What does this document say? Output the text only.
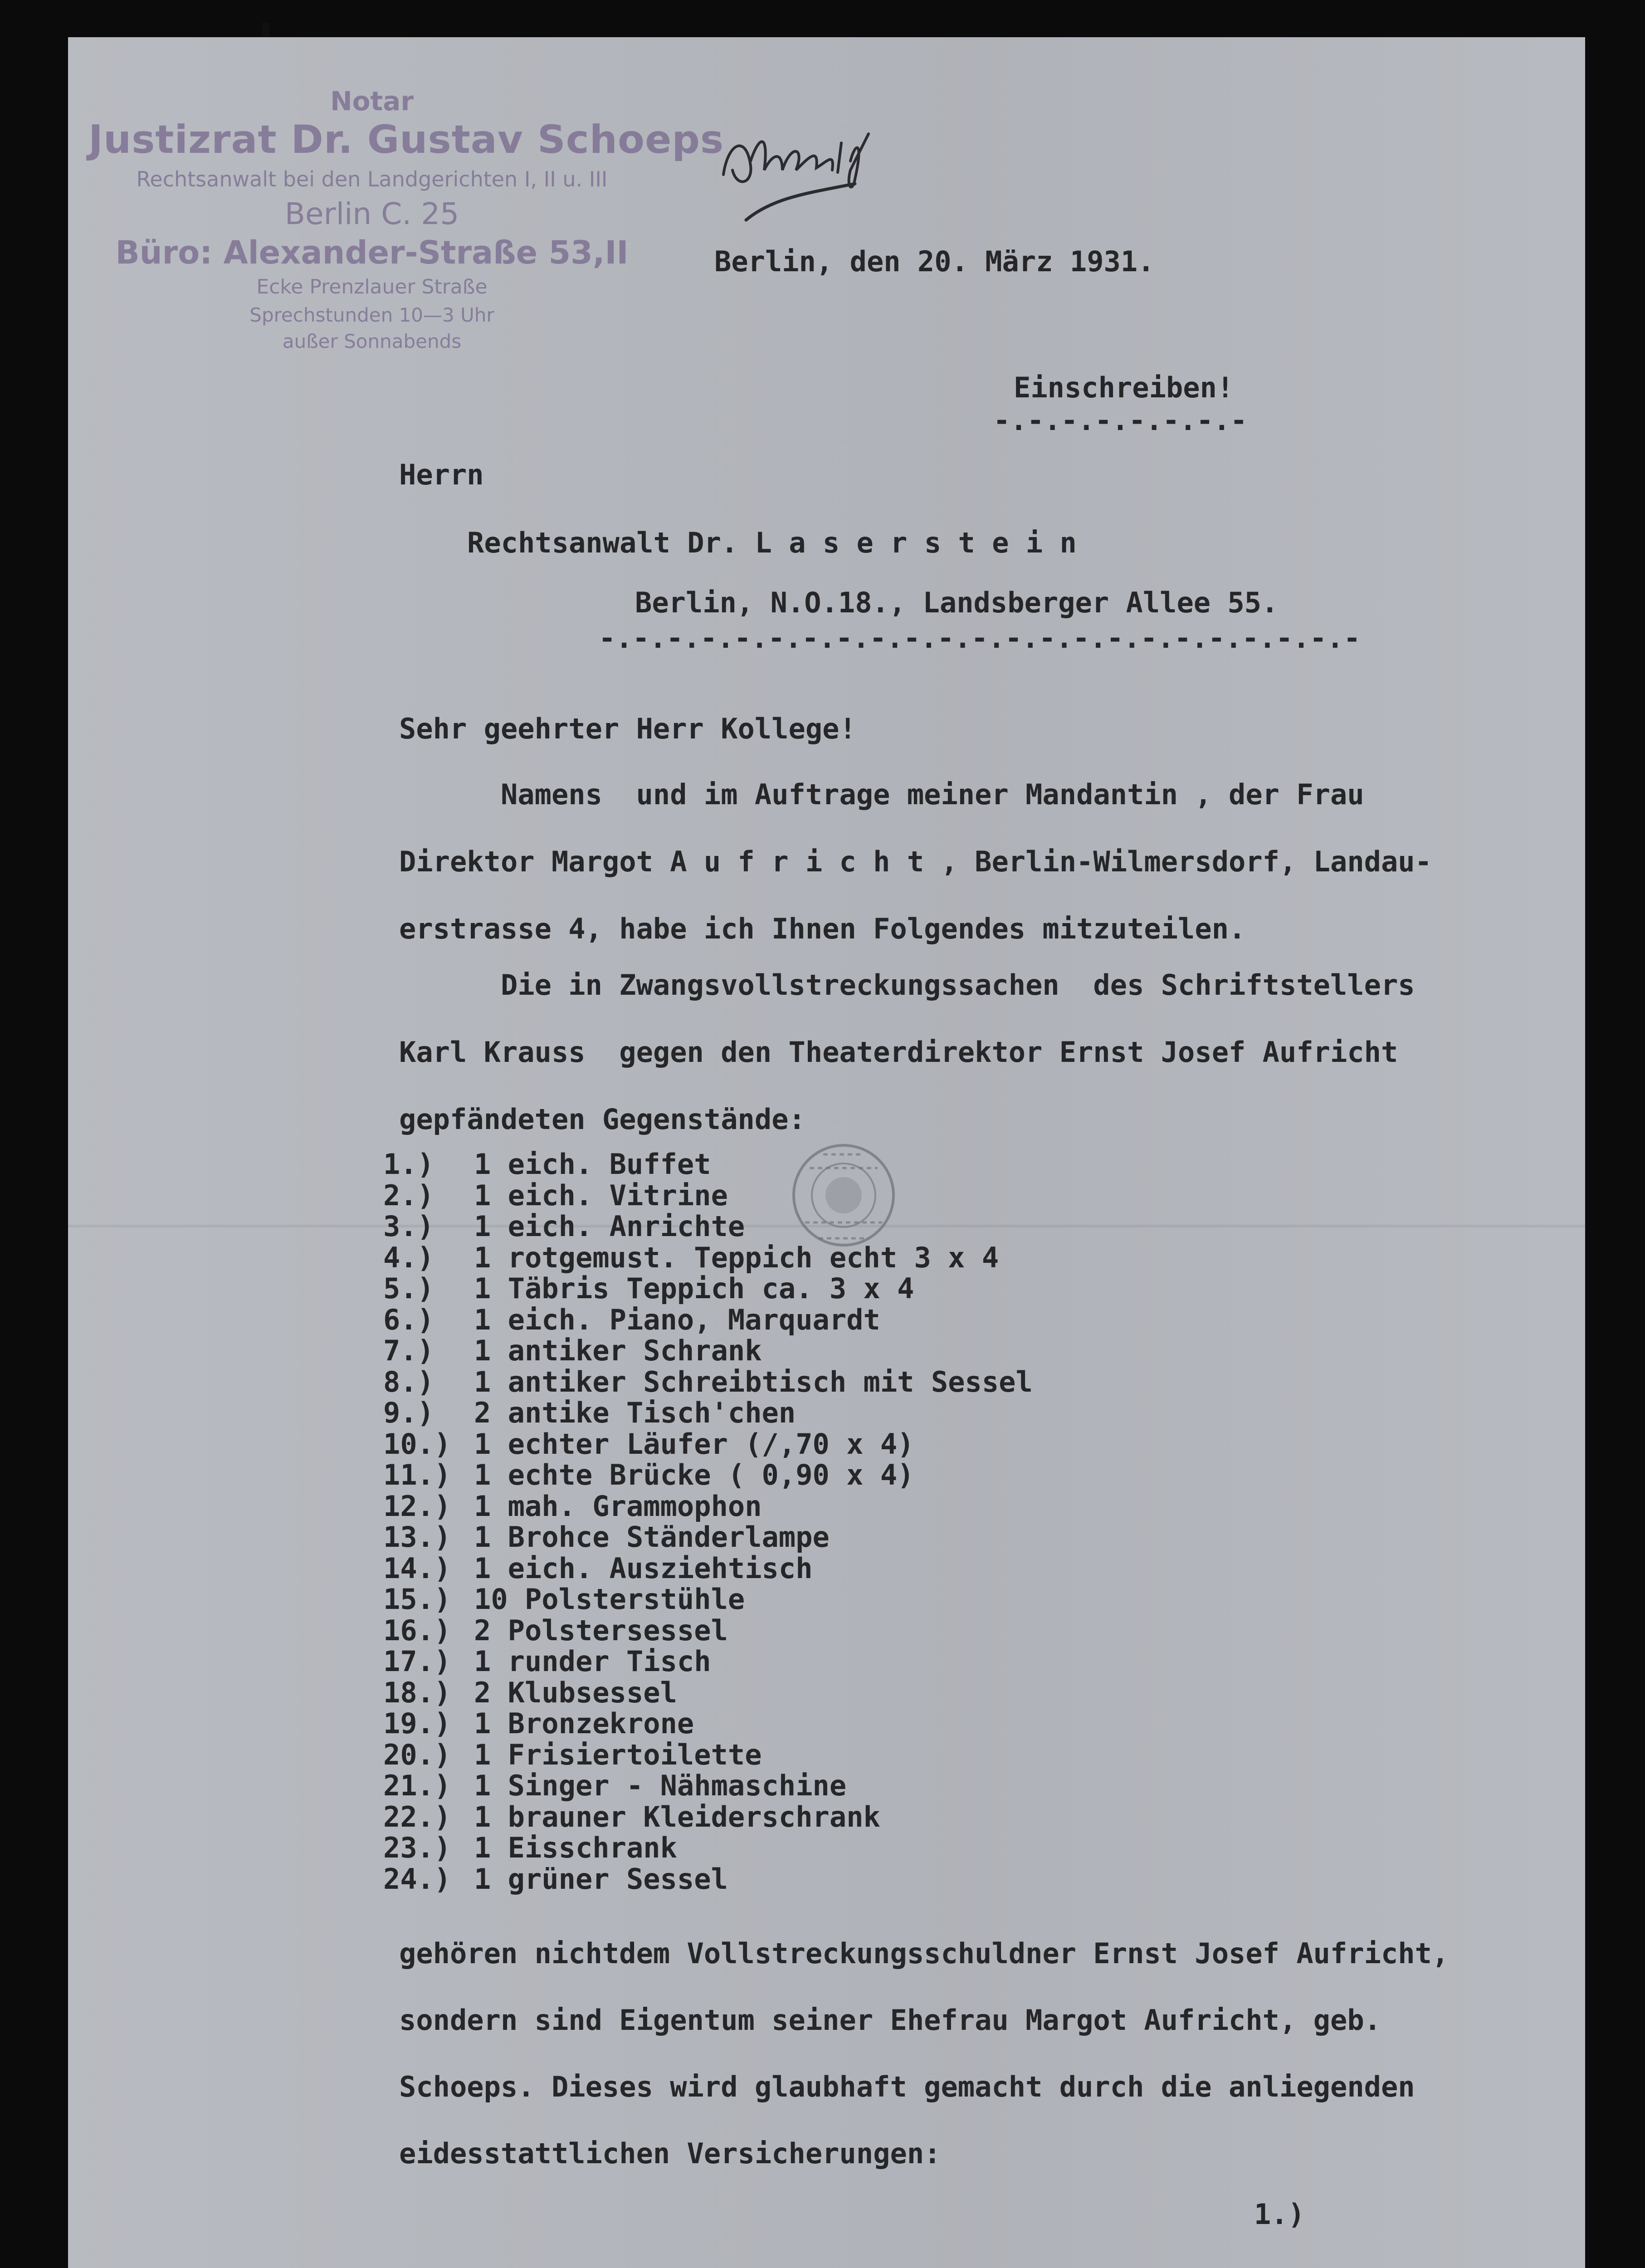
Notar
Justizrat Dr. Gustav Schoeps
Rechtsanwalt bei den Landgerichten I, II u. III
Berlin C. 25
Büro: Alexander-Straße 53,II
Ecke Prenzlauer Straße
Sprechstunden 10—3 Uhr
außer Sonnabends
Berlin, den 20. März 1931.
Einschreiben!
-.-.-.-.-.-.-.-
Herrn
Rechtsanwalt Dr. L a s e r s t e i n
Berlin, N.O.18., Landsberger Allee 55.
-.-.-.-.-.-.-.-.-.-.-.-.-.-.-.-.-.-.-.-.-.-.-
Sehr geehrter Herr Kollege!
Namens  und im Auftrage meiner Mandantin , der Frau
Direktor Margot A u f r i c h t , Berlin-Wilmersdorf, Landau-
erstrasse 4, habe ich Ihnen Folgendes mitzuteilen.
Die in Zwangsvollstreckungssachen  des Schriftstellers
Karl Krauss  gegen den Theaterdirektor Ernst Josef Aufricht
gepfändeten Gegenstände:
1.) 1 eich. Buffet
2.) 1 eich. Vitrine
3.) 1 eich. Anrichte
4.) 1 rotgemust. Teppich echt 3 x 4
5.) 1 Täbris Teppich ca. 3 x 4
6.) 1 eich. Piano, Marquardt
7.) 1 antiker Schrank
8.) 1 antiker Schreibtisch mit Sessel
9.) 2 antike Tisch'chen
10.) 1 echter Läufer (/,70 x 4)
11.) 1 echte Brücke ( 0,90 x 4)
12.) 1 mah. Grammophon
13.) 1 Brohce Ständerlampe
14.) 1 eich. Ausziehtisch
15.) 10 Polsterstühle
16.) 2 Polstersessel
17.) 1 runder Tisch
18.) 2 Klubsessel
19.) 1 Bronzekrone
20.) 1 Frisiertoilette
21.) 1 Singer - Nähmaschine
22.) 1 brauner Kleiderschrank
23.) 1 Eisschrank
24.) 1 grüner Sessel
gehören nichtdem Vollstreckungsschuldner Ernst Josef Aufricht,
sondern sind Eigentum seiner Ehefrau Margot Aufricht, geb.
Schoeps. Dieses wird glaubhaft gemacht durch die anliegenden
eidesstattlichen Versicherungen:
1.)
